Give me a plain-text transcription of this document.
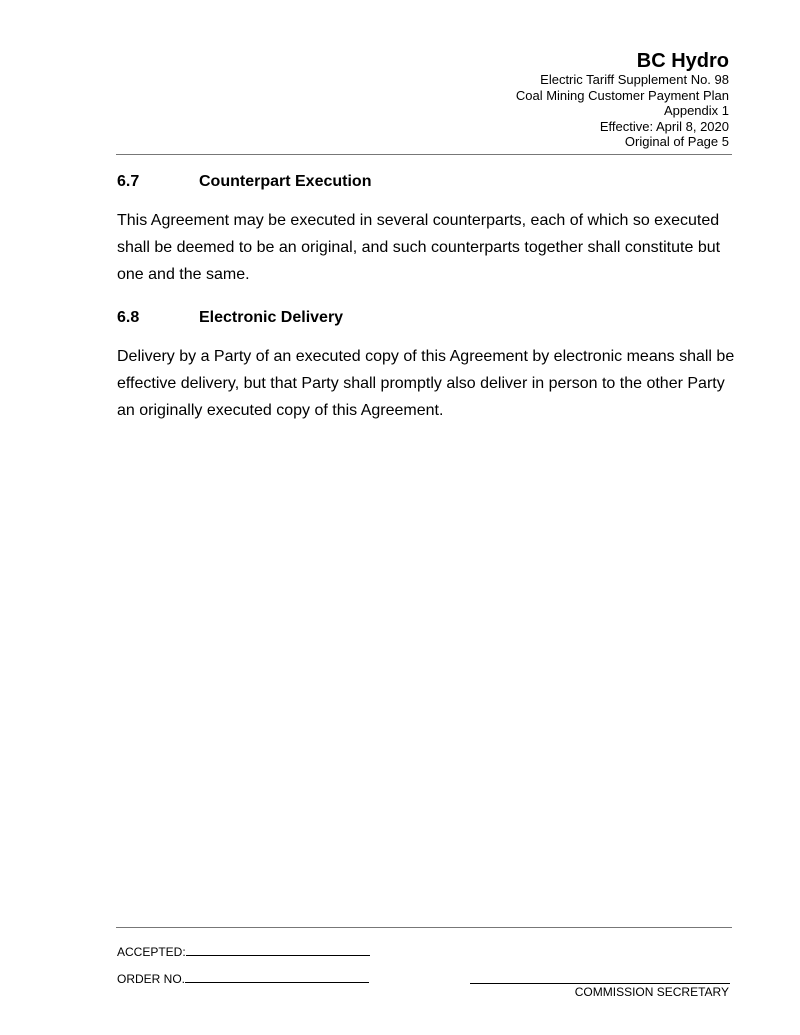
BC Hydro
Electric Tariff Supplement No. 98
Coal Mining Customer Payment Plan
Appendix 1
Effective: April 8, 2020
Original of Page 5
6.7	Counterpart Execution
This Agreement may be executed in several counterparts, each of which so executed shall be deemed to be an original, and such counterparts together shall constitute but one and the same.
6.8	Electronic Delivery
Delivery by a Party of an executed copy of this Agreement by electronic means shall be effective delivery, but that Party shall promptly also deliver in person to the other Party an originally executed copy of this Agreement.
ACCEPTED:
ORDER NO.
COMMISSION SECRETARY
